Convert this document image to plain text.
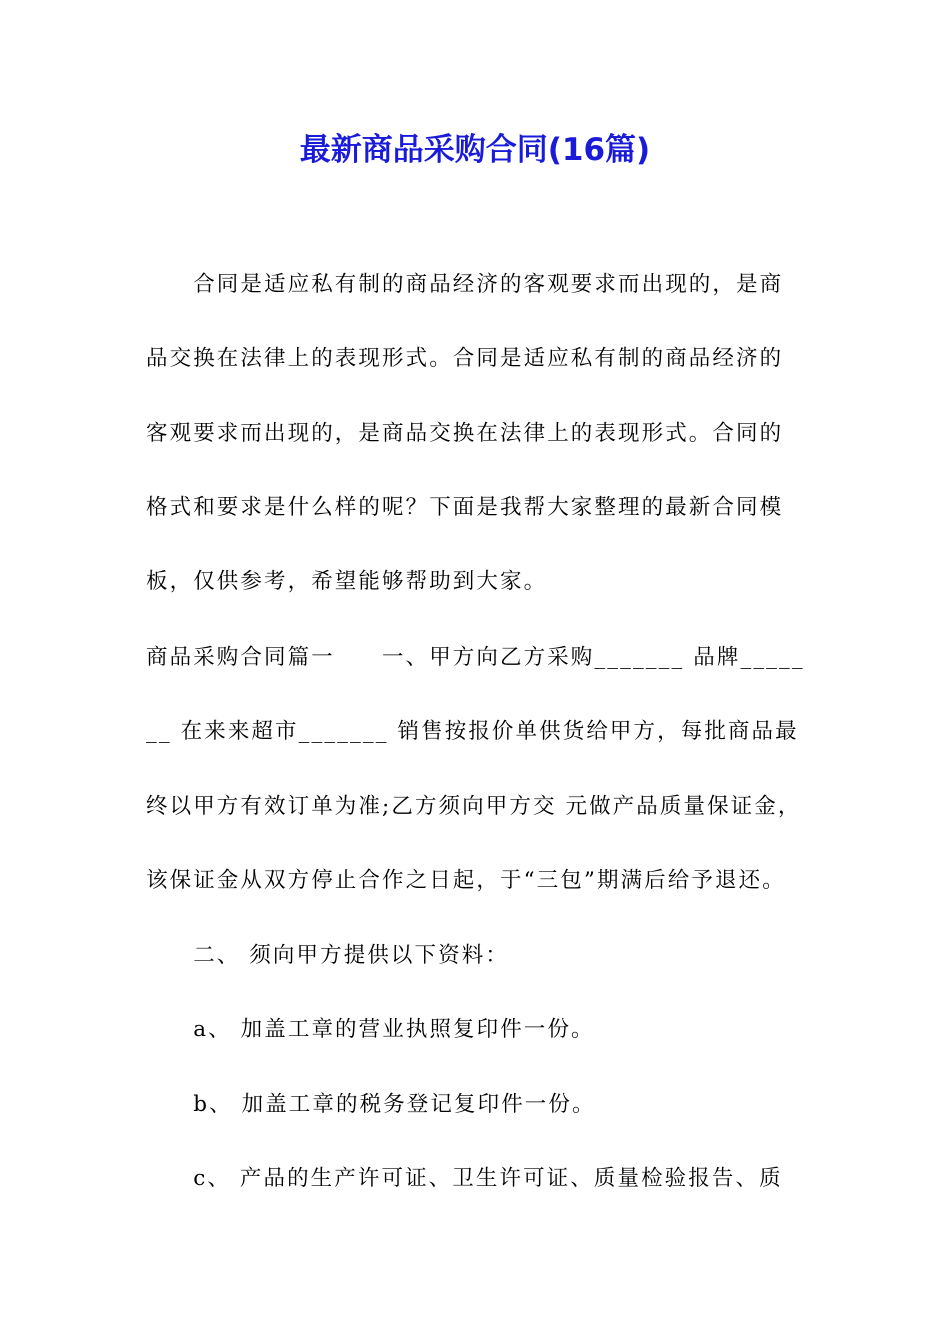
最新商品采购合同(16篇)
　　合同是适应私有制的商品经济的客观要求而出现的，是商
品交换在法律上的表现形式。合同是适应私有制的商品经济的
客观要求而出现的，是商品交换在法律上的表现形式。合同的
格式和要求是什么样的呢？下面是我帮大家整理的最新合同模
板，仅供参考，希望能够帮助到大家。
商品采购合同篇一　　一、甲方向乙方采购_______ 品牌_____
__ 在来来超市_______ 销售按报价单供货给甲方，每批商品最
终以甲方有效订单为准;乙方须向甲方交 元做产品质量保证金，
该保证金从双方停止合作之日起，于“三包”期满后给予退还。
　　二、 须向甲方提供以下资料：
　　a、 加盖工章的营业执照复印件一份。
　　b、 加盖工章的税务登记复印件一份。
　　c、 产品的生产许可证、卫生许可证、质量检验报告、质
